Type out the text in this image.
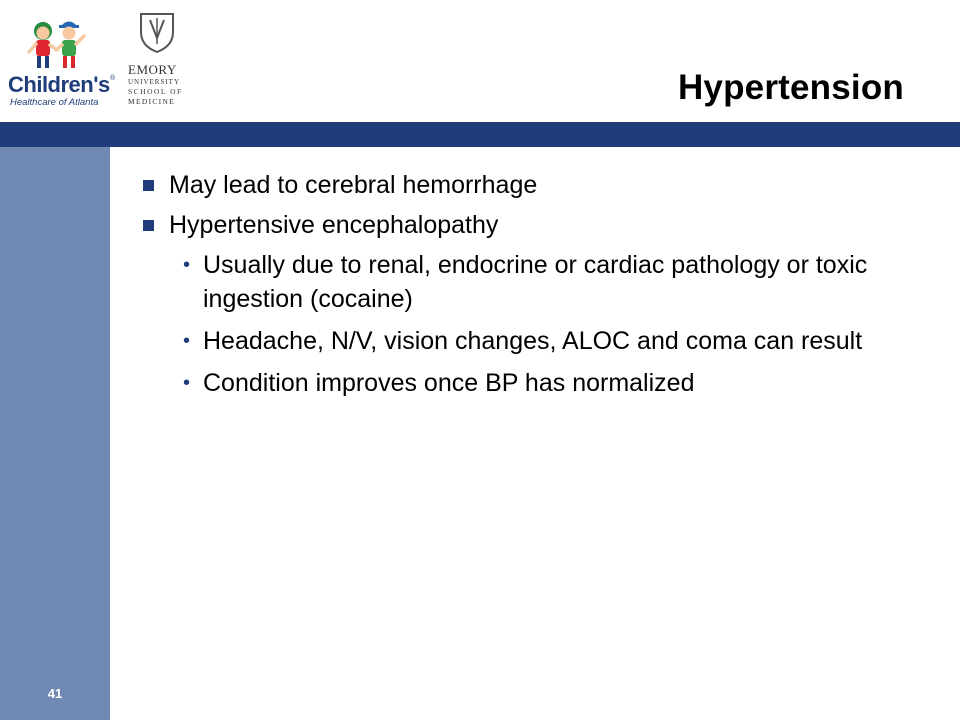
Children's ®
Healthcare of Atlanta
EMORY
UNIVERSITY
SCHOOL OF
MEDICINE	Hypertension
41
May lead to cerebral hemorrhage
Hypertensive encephalopathy
• Usually due to renal, endocrine or cardiac pathology or toxic ingestion (cocaine)
• Headache, N/V, vision changes, ALOC and coma can result
• Condition improves once BP has normalized
